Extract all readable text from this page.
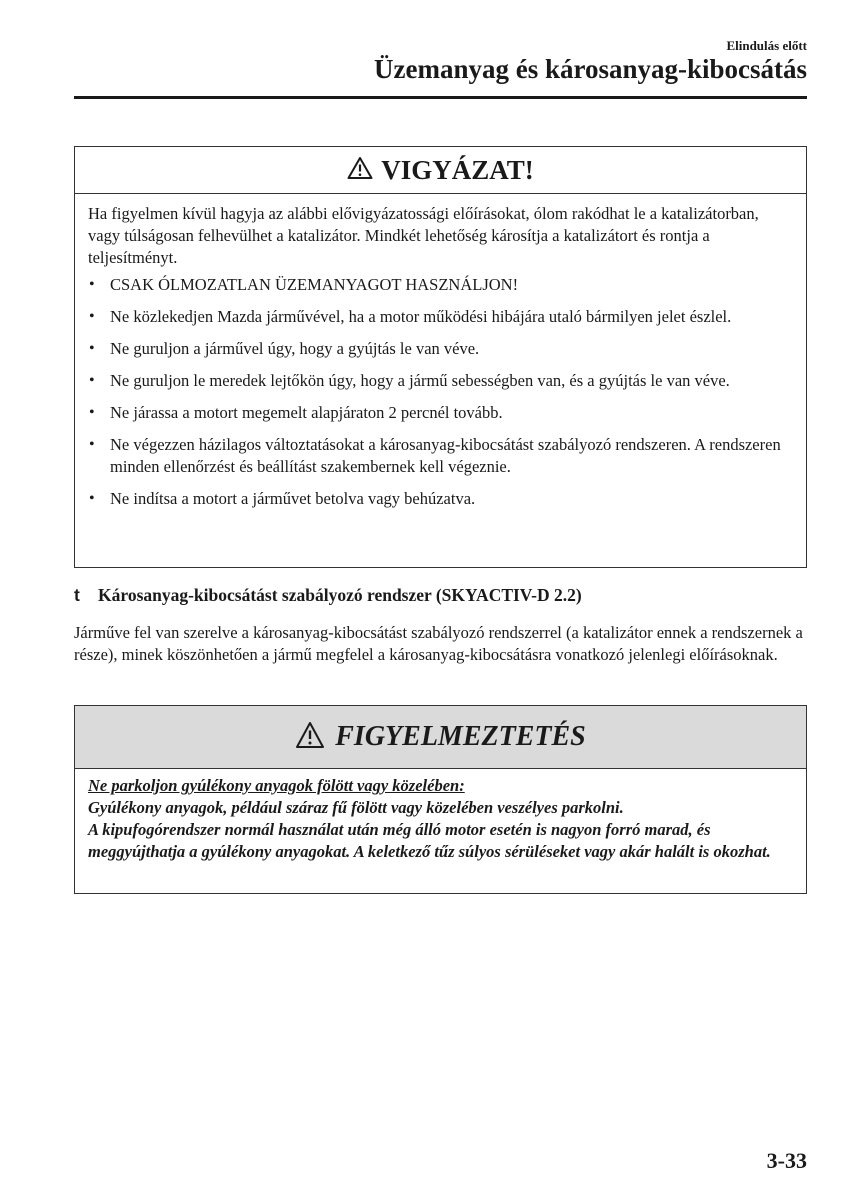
Elindulás előtt
Üzemanyag és károsanyag-kibocsátás
VIGYÁZAT!

Ha figyelmen kívül hagyja az alábbi elővigyázatossági előírásokat, ólom rakódhat le a katalizátorban, vagy túlságosan felhevülhet a katalizátor. Mindkét lehetőség károsítja a katalizátort és rontja a teljesítményt.

• CSAK ÓLMOZATLAN ÜZEMANYAGOT HASZNÁLJON!
• Ne közlekedjen Mazda járművével, ha a motor működési hibájára utaló bármilyen jelet észlel.
• Ne guruljon a járművel úgy, hogy a gyújtás le van véve.
• Ne guruljon le meredek lejtőkön úgy, hogy a jármű sebességben van, és a gyújtás le van véve.
• Ne járassa a motort megemelt alapjáraton 2 percnél tovább.
• Ne végezzen házilagos változtatásokat a károsanyag-kibocsátást szabályozó rendszeren. A rendszeren minden ellenőrzést és beállítást szakembernek kell végeznie.
• Ne indítsa a motort a járművet betolva vagy behúzatva.
t Károsanyag-kibocsátást szabályozó rendszer (SKYACTIV-D 2.2)

Járműve fel van szerelve a károsanyag-kibocsátást szabályozó rendszerrel (a katalizátor ennek a rendszernek a része), minek köszönhetően a jármű megfelel a károsanyag-kibocsátásra vonatkozó jelenlegi előírásoknak.

FIGYELMEZTETÉS

Ne parkoljon gyúlékony anyagok fölött vagy közelében:

Gyúlékony anyagok, például száraz fű fölött vagy közelében veszélyes parkolni.

A kipufogórendszer normál használat után még álló motor esetén is nagyon forró marad, és meggyújthatja a gyúlékony anyagokat. A keletkező tűz súlyos sérüléseket vagy akár halált is okozhat.

3-33
